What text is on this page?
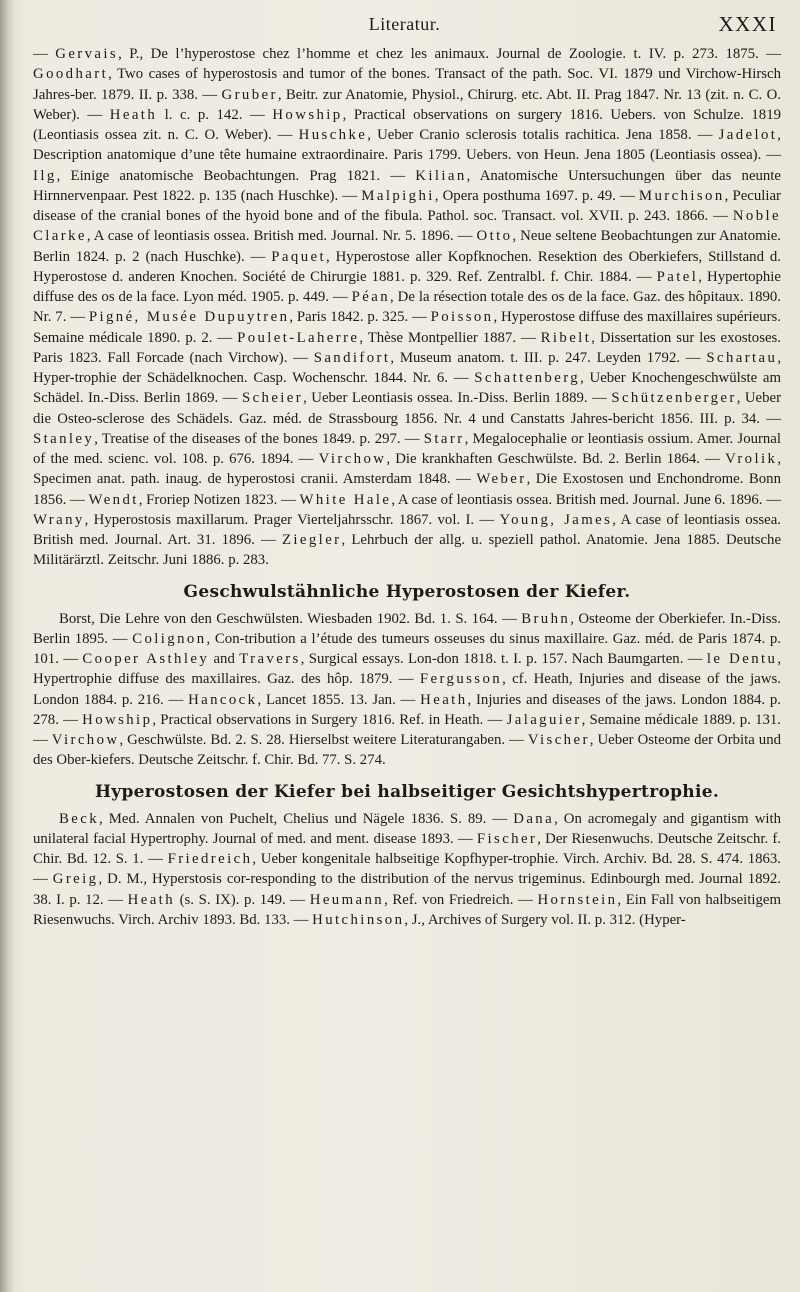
Literatur.	XXXI

— Gervais, P., De l’hyperostose chez l’homme et chez les animaux. Journal de Zoologie. t. IV. p. 273. 1875. — Goodhart, Two cases of hyperostosis and tumor of the bones. Transact of the path. Soc. VI. 1879 und Virchow-Hirsch Jahres-ber. 1879. II. p. 338. — Gruber, Beitr. zur Anatomie, Physiol., Chirurg. etc. Abt. II. Prag 1847. Nr. 13 (zit. n. C. O. Weber). — Heath l. c. p. 142. — Howship, Practical observations on surgery 1816. Uebers. von Schulze. 1819 (Leontiasis ossea zit. n. C. O. Weber). — Huschke, Ueber Cranio sclerosis totalis rachitica. Jena 1858. — Jadelot, Description anatomique d’une tête humaine extraordinaire. Paris 1799. Uebers. von Heun. Jena 1805 (Leontiasis ossea). — Ilg, Einige anatomische Beobachtungen. Prag 1821. — Kilian, Anatomische Untersuchungen über das neunte Hirnnervenpaar. Pest 1822. p. 135 (nach Huschke). — Malpighi, Opera posthuma 1697. p. 49. — Murchison, Peculiar disease of the cranial bones of the hyoid bone and of the fibula. Pathol. soc. Transact. vol. XVII. p. 243. 1866. — Noble Clarke, A case of leontiasis ossea. British med. Journal. Nr. 5. 1896. — Otto, Neue seltene Beobachtungen zur Anatomie. Berlin 1824. p. 2 (nach Huschke). — Paquet, Hyperostose aller Kopfknochen. Resektion des Oberkiefers, Stillstand d. Hyperostose d. anderen Knochen. Société de Chirurgie 1881. p. 329. Ref. Zentralbl. f. Chir. 1884. — Patel, Hypertophie diffuse des os de la face. Lyon méd. 1905. p. 449. — Péan, De la résection totale des os de la face. Gaz. des hôpitaux. 1890. Nr. 7. — Pigné, Musée Dupuytren, Paris 1842. p. 325. — Poisson, Hyperostose diffuse des maxillaires supérieurs. Semaine médicale 1890. p. 2. — Poulet-Laherre, Thèse Montpellier 1887. — Ribelt, Dissertation sur les exostoses. Paris 1823. Fall Forcade (nach Virchow). — Sandifort, Museum anatom. t. III. p. 247. Leyden 1792. — Schartau, Hyper-trophie der Schädelknochen. Casp. Wochenschr. 1844. Nr. 6. — Schattenberg, Ueber Knochengeschwülste am Schädel. In.-Diss. Berlin 1869. — Scheier, Ueber Leontiasis ossea. In.-Diss. Berlin 1889. — Schützenberger, Ueber die Osteo-sclerose des Schädels. Gaz. méd. de Strassbourg 1856. Nr. 4 und Canstatts Jahres-bericht 1856. III. p. 34. — Stanley, Treatise of the diseases of the bones 1849. p. 297. — Starr, Megalocephalie or leontiasis ossium. Amer. Journal of the med. scienc. vol. 108. p. 676. 1894. — Virchow, Die krankhaften Geschwülste. Bd. 2. Berlin 1864. — Vrolik, Specimen anat. path. inaug. de hyperostosi cranii. Amsterdam 1848. — Weber, Die Exostosen und Enchondrome. Bonn 1856. — Wendt, Froriep Notizen 1823. — White Hale, A case of leontiasis ossea. British med. Journal. June 6. 1896. — Wrany, Hyperostosis maxillarum. Prager Vierteljahrsschr. 1867. vol. I. — Young, James, A case of leontiasis ossea. British med. Journal. Art. 31. 1896. — Ziegler, Lehrbuch der allg. u. speziell pathol. Anatomie. Jena 1885. Deutsche Militärärztl. Zeitschr. Juni 1886. p. 283.

Geschwulstähnliche Hyperostosen der Kiefer.

Borst, Die Lehre von den Geschwülsten. Wiesbaden 1902. Bd. 1. S. 164. — Bruhn, Osteome der Oberkiefer. In.-Diss. Berlin 1895. — Colignon, Con-tribution a l’étude des tumeurs osseuses du sinus maxillaire. Gaz. méd. de Paris 1874. p. 101. — Cooper Asthley and Travers, Surgical essays. Lon-don 1818. t. I. p. 157. Nach Baumgarten. — le Dentu, Hypertrophie diffuse des maxillaires. Gaz. des hôp. 1879. — Fergusson, cf. Heath, Injuries and disease of the jaws. London 1884. p. 216. — Hancock, Lancet 1855. 13. Jan. — Heath, Injuries and diseases of the jaws. London 1884. p. 278. — Howship, Practical observations in Surgery 1816. Ref. in Heath. — Jalaguier, Semaine médicale 1889. p. 131. — Virchow, Geschwülste. Bd. 2. S. 28. Hierselbst weitere Literaturangaben. — Vischer, Ueber Osteome der Orbita und des Ober-kiefers. Deutsche Zeitschr. f. Chir. Bd. 77. S. 274.

Hyperostosen der Kiefer bei halbseitiger Gesichtshypertrophie.

Beck, Med. Annalen von Puchelt, Chelius und Nägele 1836. S. 89. — Dana, On acromegaly and gigantism with unilateral facial Hypertrophy. Journal of med. and ment. disease 1893. — Fischer, Der Riesenwuchs. Deutsche Zeitschr. f. Chir. Bd. 12. S. 1. — Friedreich, Ueber kongenitale halbseitige Kopfhyper-trophie. Virch. Archiv. Bd. 28. S. 474. 1863. — Greig, D. M., Hyperstosis cor-responding to the distribution of the nervus trigeminus. Edinbourgh med. Journal 1892. 38. I. p. 12. — Heath (s. S. IX). p. 149. — Heumann, Ref. von Friedreich. — Hornstein, Ein Fall von halbseitigem Riesenwuchs. Virch. Archiv 1893. Bd. 133. — Hutchinson, J., Archives of Surgery vol. II. p. 312. (Hyper-
